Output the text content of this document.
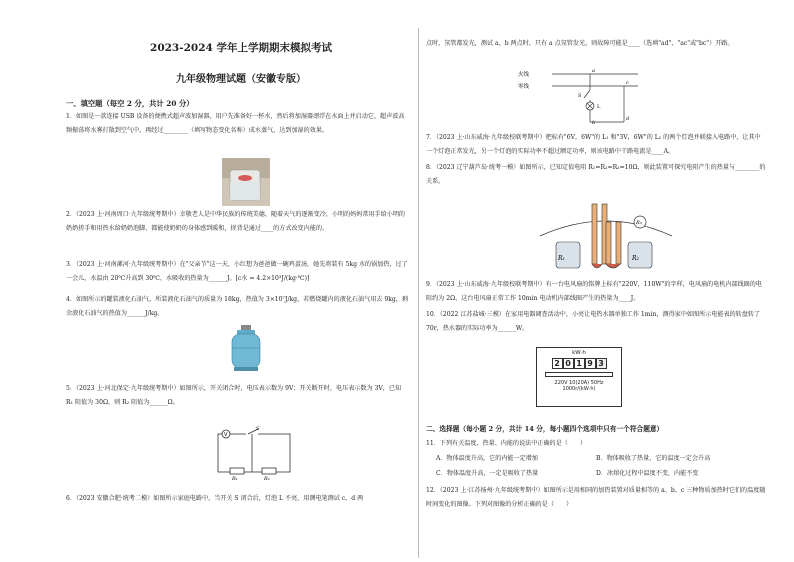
2023-2024 学年上学期期末模拟考试
九年级物理试题（安徽专版）
一、填空题（每空 2 分，共计 20 分）

1．如图是一款连接 USB 设备的便携式超声波加湿器，用户先准备好一杯水，然后将加湿器漂浮在水面上并启动它，超声波高频振荡将水雾打散到空气中，再经过________（填写物态变化名称）成水蒸气，达到加湿的效果。

2．（2023 上·河南周口·九年级统考期中）幸敬老人是中华民族的传统美德，随着天气的逐渐变冷，小明的妈妈常用手给小明的奶奶搓手和用热水给奶奶泡脚，都能使奶奶的身体感到暖和，搓背是通过____的方式改变内能的。

3．（2023 上·河南漯河·九年级统考期中）在"父亲节"这一天，小红想为爸爸做一碗鸡蛋汤，她先将装有 5kg 水的锅加热，过了一会儿，水温由 20℃升高到 30℃，水吸收的热量为______J。[c水 = 4.2×10³J/(kg·℃)]

4．如图所示的罐装液化石油气，所装液化石油气的质量为 18kg，热值为 3×10⁷J/kg，若燃烧罐内的液化石油气用去 9kg，剩余液化石油气的热值为______J/kg。

5．（2023 上·河北保定·九年级统考期中）如图所示，开关闭合时，电压表示数为 9V；开关断开时，电压表示数为 3V，已知 R₁ 阻值为 30Ω，则 R₂ 阻值为______Ω。

V
S
R₁	R₂

6．（2023 安徽合肥·统考二模）如图所示家庭电路中，当开关 S 闭合后，灯泡 L 不亮，用测电笔测试 c、d 两

点时，氖管都发光，测试 a、b 两点时，只有 a 点氖管发光，则故障可能是____（选填"ad"、"ac"或"bc"）开路。

火线
零线
a
c
d
b
S
L

7．（2023 上·山东威海·九年级校联考期中）把标有"6V，6W"的 L₁ 和"3V，6W"的 L₂ 的两个灯泡并联接入电路中，让其中一个灯泡正常发光，另一个灯泡的实际功率不超过额定功率，则该电路中干路电流是____A。

8．（2023 辽宁葫芦岛·统考一模）如图所示，已知定值电阻 R₁=R₂=R₃=10Ω，则此装置可探究电阻产生的热量与________的关系。

R₁	R₂
R₃

9．（2023 上·山东威海·九年级校联考期中）有一台电风扇的铭牌上标有"220V，110W"的字样，电风扇的电机内部线圈的电阻约为 2Ω，这台电风扇正常工作 10min 电动机内部线圈产生的热量为____J。

10．（2022 江苏盐城·三模）在家用电器调查活动中，小亮让电热水器单独工作 1min，测得家中如图所示电能表的转盘转了 70r，热水器的实际功率为______W。

kW·h
2 0 1 9 3
220V 10(20A) 50Hz
1000r/(kW·h)
二、选择题（每小题 2 分，共计 14 分，每小题四个选项中只有一个符合题意）

11．下列有关温度、热量、内能的说法中正确的是（　　）

A．物体温度升高，它的内能一定增加	B．物体吸收了热量，它的温度一定会升高

C．物体温度升高，一定是吸收了热量	D．冰熔化过程中温度不变，内能不变

12．（2023 上·江苏扬州·九年级统考期中）如图所示是用相同的加热装置对质量相等的 a、b、c 三种物质加热时它们的温度随时间变化的图像。下列对图像的分析正确的是（　　）
